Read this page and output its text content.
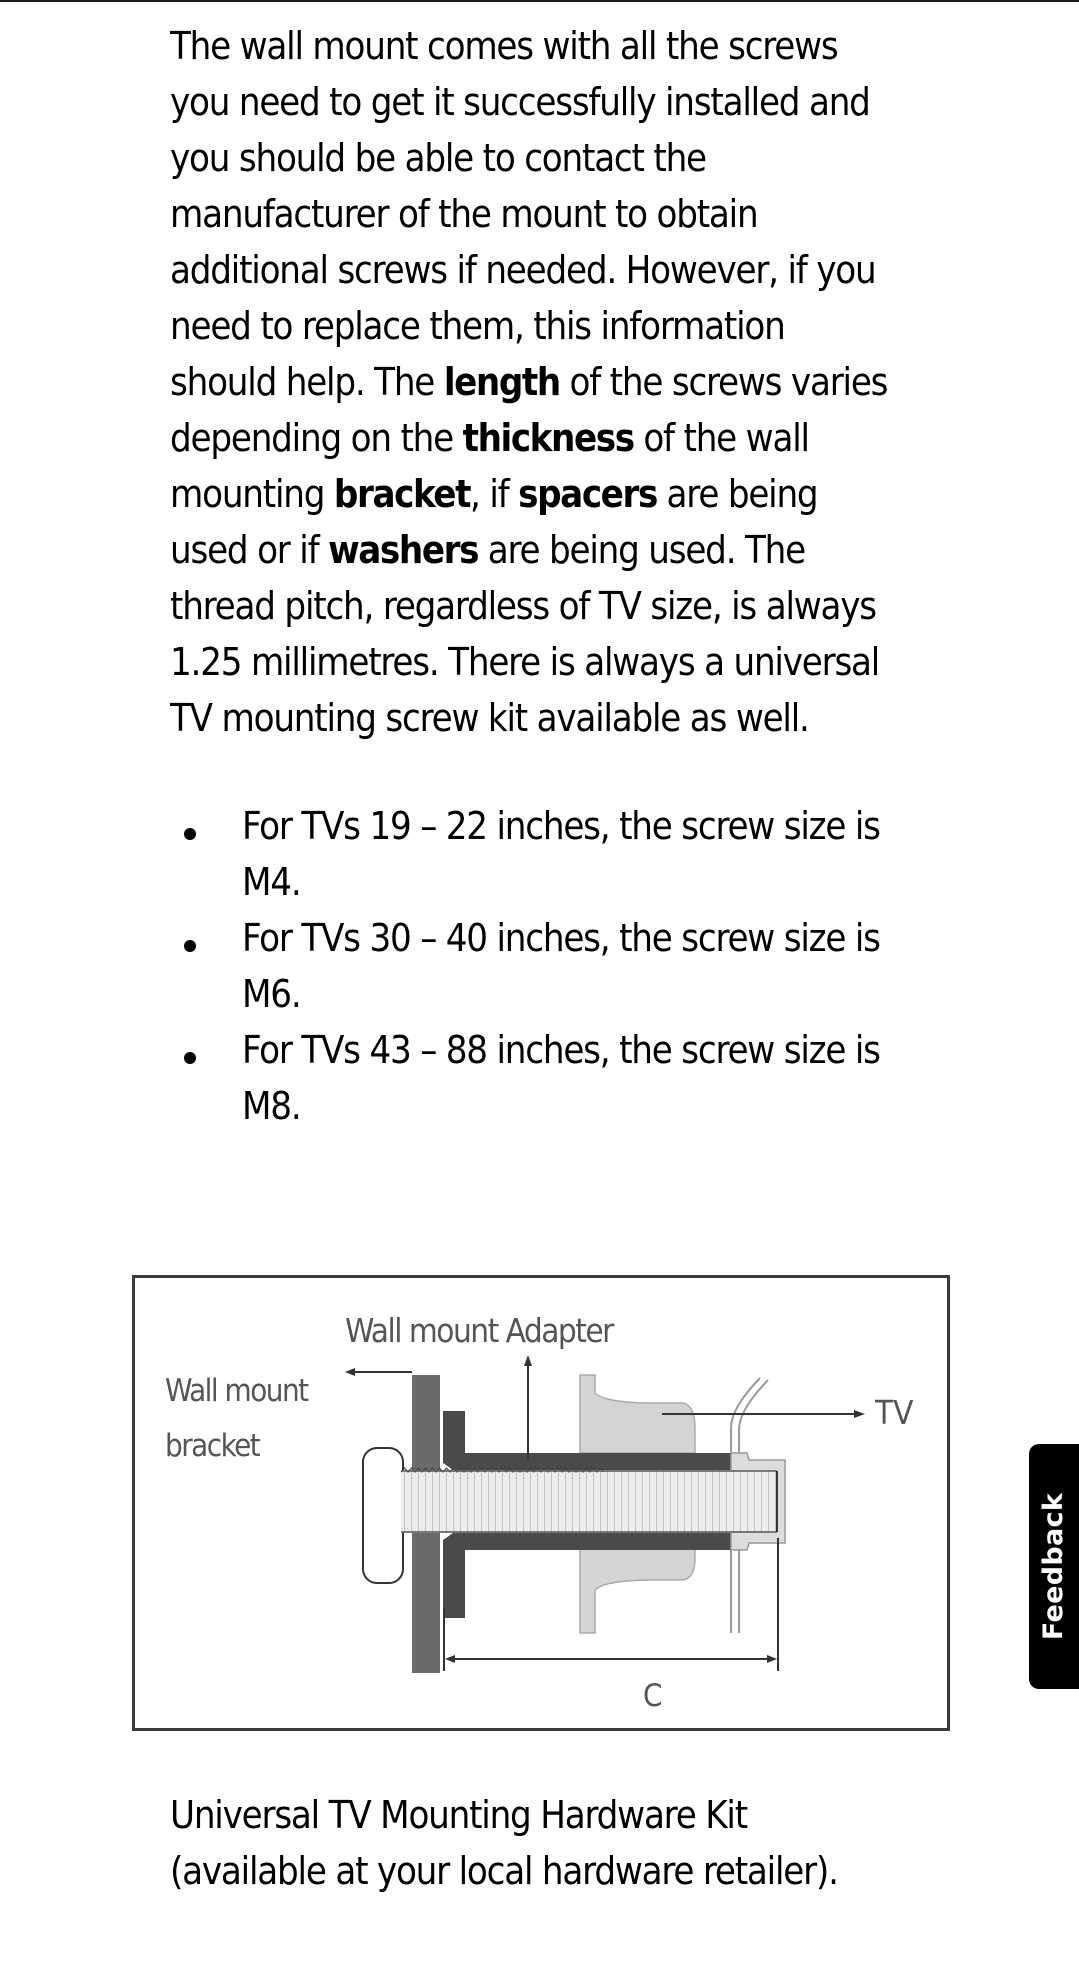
The wall mount comes with all the screws you need to get it successfully installed and you should be able to contact the manufacturer of the mount to obtain additional screws if needed. However, if you need to replace them, this information should help. The length of the screws varies depending on the thickness of the wall mounting bracket, if spacers are being used or if washers are being used. The thread pitch, regardless of TV size, is always 1.25 millimetres. There is always a universal TV mounting screw kit available as well.

For TVs 19 – 22 inches, the screw size is M4.
For TVs 30 – 40 inches, the screw size is M6.
For TVs 43 – 88 inches, the screw size is M8.
Wall mount Adapter
Wall mount
bracket
TV
C

Universal TV Mounting Hardware Kit (available at your local hardware retailer).

Feedback
